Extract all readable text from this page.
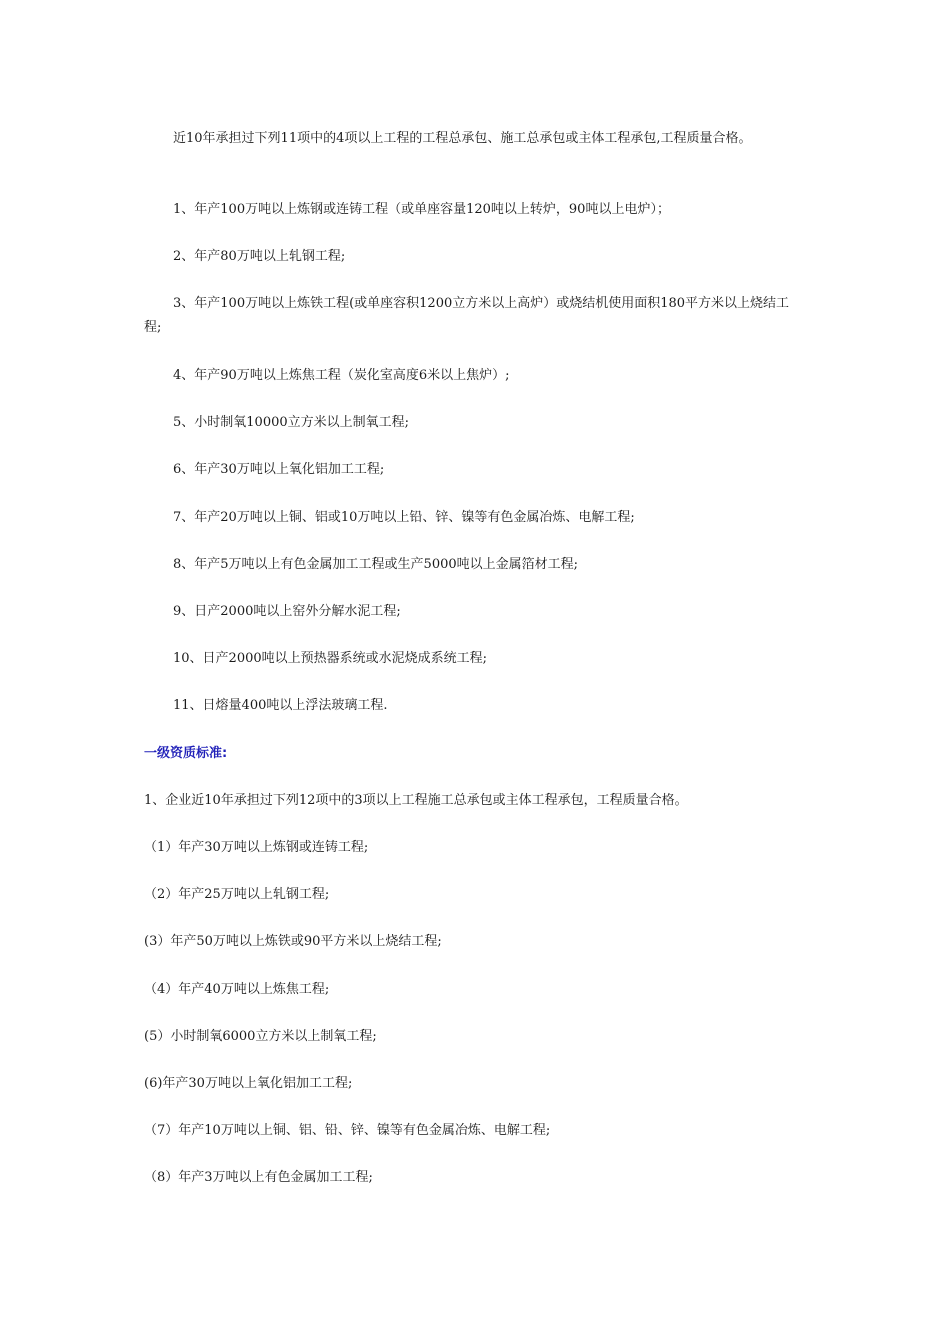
近10年承担过下列11项中的4项以上工程的工程总承包、施工总承包或主体工程承包,工程质量合格。

1、年产100万吨以上炼钢或连铸工程（或单座容量120吨以上转炉，90吨以上电炉）；

2、年产80万吨以上轧钢工程;

3、年产100万吨以上炼铁工程(或单座容积1200立方米以上高炉）或烧结机使用面积180平方米以上烧结工程;

4、年产90万吨以上炼焦工程（炭化室高度6米以上焦炉）;

5、小时制氧10000立方米以上制氧工程;

6、年产30万吨以上氧化铝加工工程;

7、年产20万吨以上铜、铝或10万吨以上铅、锌、镍等有色金属冶炼、电解工程;

8、年产5万吨以上有色金属加工工程或生产5000吨以上金属箔材工程;

9、日产2000吨以上窑外分解水泥工程;

10、日产2000吨以上预热器系统或水泥烧成系统工程;

11、日熔量400吨以上浮法玻璃工程.

一级资质标准:

1、企业近10年承担过下列12项中的3项以上工程施工总承包或主体工程承包，工程质量合格。

（1）年产30万吨以上炼钢或连铸工程;

（2）年产25万吨以上轧钢工程;

(3）年产50万吨以上炼铁或90平方米以上烧结工程;

（4）年产40万吨以上炼焦工程;

(5）小时制氧6000立方米以上制氧工程;

(6)年产30万吨以上氧化铝加工工程;

（7）年产10万吨以上铜、铝、铅、锌、镍等有色金属冶炼、电解工程;

（8）年产3万吨以上有色金属加工工程;
